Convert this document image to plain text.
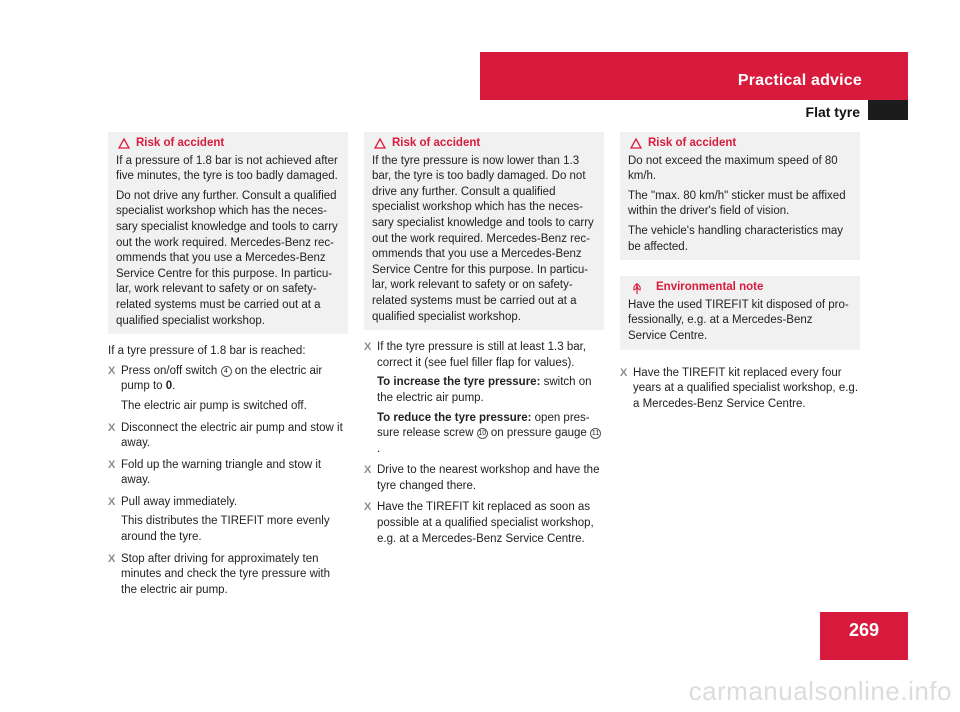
Practical advice
Flat tyre
Risk of accident

If a pressure of 1.8 bar is not achieved after five minutes, the tyre is too badly damaged.

Do not drive any further. Consult a qualified specialist workshop which has the neces-sary specialist knowledge and tools to carry out the work required. Mercedes-Benz rec-ommends that you use a Mercedes-Benz Service Centre for this purpose. In particu-lar, work relevant to safety or on safety-related systems must be carried out at a qualified specialist workshop.

If a tyre pressure of 1.8 bar is reached:

X Press on/off switch 4 on the electric air pump to 0.

The electric air pump is switched off.

X Disconnect the electric air pump and stow it away.

X Fold up the warning triangle and stow it away.

X Pull away immediately.

This distributes the TIREFIT more evenly around the tyre.

X Stop after driving for approximately ten minutes and check the tyre pressure with the electric air pump.

Risk of accident

If the tyre pressure is now lower than 1.3 bar, the tyre is too badly damaged. Do not drive any further. Consult a qualified specialist workshop which has the neces-sary specialist knowledge and tools to carry out the work required. Mercedes-Benz rec-ommends that you use a Mercedes-Benz Service Centre for this purpose. In particu-lar, work relevant to safety or on safety-related systems must be carried out at a qualified specialist workshop.

X If the tyre pressure is still at least 1.3 bar, correct it (see fuel filler flap for values).

To increase the tyre pressure: switch on the electric air pump.

To reduce the tyre pressure: open pres-sure release screw 10 on pressure gauge 11.

X Drive to the nearest workshop and have the tyre changed there.

X Have the TIREFIT kit replaced as soon as possible at a qualified specialist workshop, e.g. at a Mercedes-Benz Service Centre.

Risk of accident

Do not exceed the maximum speed of 80 km/h.

The "max. 80 km/h" sticker must be affixed within the driver's field of vision.

The vehicle's handling characteristics may be affected.

Environmental note

Have the used TIREFIT kit disposed of pro-fessionally, e.g. at a Mercedes-Benz Service Centre.

X Have the TIREFIT kit replaced every four years at a qualified specialist workshop, e.g. a Mercedes-Benz Service Centre.

269
carmanualsonline.info
